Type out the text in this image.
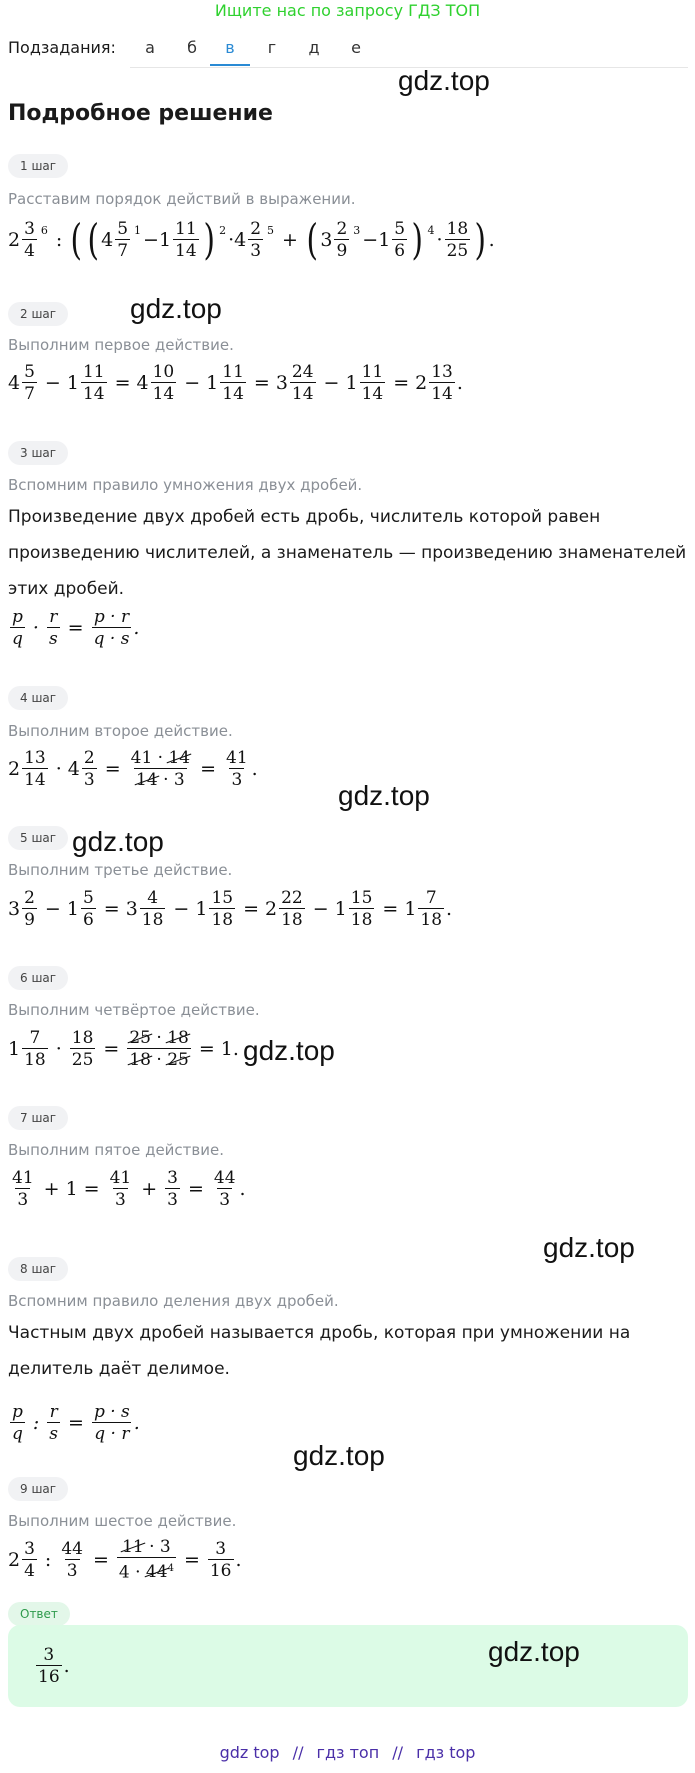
Ищите нас по запросу ГДЗ ТОП
Подзадания:	а	б	в	г	д	е
gdz.top
gdz.top
gdz.top
gdz.top
gdz.top
gdz.top
gdz.top
Подробное решение
1 шаг
Расставим порядок действий в выражении.
$2 \frac{3}{4} 6$ : ( ( $4 \frac{5}{7} 1 -1 \frac{11}{14}$ ) $2 \cdot 4 \frac{2}{3} 5$ + ( $3 \frac{2}{9} 3 -1 \frac{5}{6}$ ) $4 \cdot \frac{18}{25}$ ) .
2 шаг
Выполним первое действие.
$4 \frac{5}{7} - 1 \frac{11}{14} = 4 \frac{10}{14} - 1 \frac{11}{14} = 3 \frac{24}{14} - 1 \frac{11}{14} = 2 \frac{13}{14}$ .
3 шаг
Вспомним правило умножения двух дробей.
Произведение двух дробей есть дробь, числитель которой равен произведению числителей, а знаменатель — произведению знаменателей этих дробей.
$\frac{p}{q} \cdot \frac{r}{s} = \frac{p \cdot r}{q \cdot s}$ .
4 шаг
Выполним второе действие.
$2 \frac{13}{14} \cdot 4 \frac{2}{3} = \frac{41 \cdot 14}{14 \cdot 3} = \frac{41}{3}$ .
5 шаг
Выполним третье действие.
$3 \frac{2}{9} - 1 \frac{5}{6} = 3 \frac{4}{18} - 1 \frac{15}{18} = 2 \frac{22}{18} - 1 \frac{15}{18} = 1 \frac{7}{18}$ .
6 шаг
Выполним четвёртое действие.
$1 \frac{7}{18} \cdot \frac{18}{25} = \frac{25 \cdot 18}{18 \cdot 25} = 1$.
7 шаг
Выполним пятое действие.
$\frac{41}{3} + 1 = \frac{41}{3} + \frac{3}{3} = \frac{44}{3}$ .
8 шаг
Вспомним правило деления двух дробей.
Частным двух дробей называется дробь, которая при умножении на делитель даёт делимое.
$\frac{p}{q}$ : $\frac{r}{s} = \frac{p \cdot s}{q \cdot r}$ .
9 шаг
Выполним шестое действие.
$2 \frac{3}{4}$ : $\frac{44}{3} = \frac{11 \cdot 3}{4 \cdot 44^4} = \frac{3}{16}$ .
Ответ
$\frac{3}{16}$ .	gdz.top
gdz top // гдз топ // гдз top
